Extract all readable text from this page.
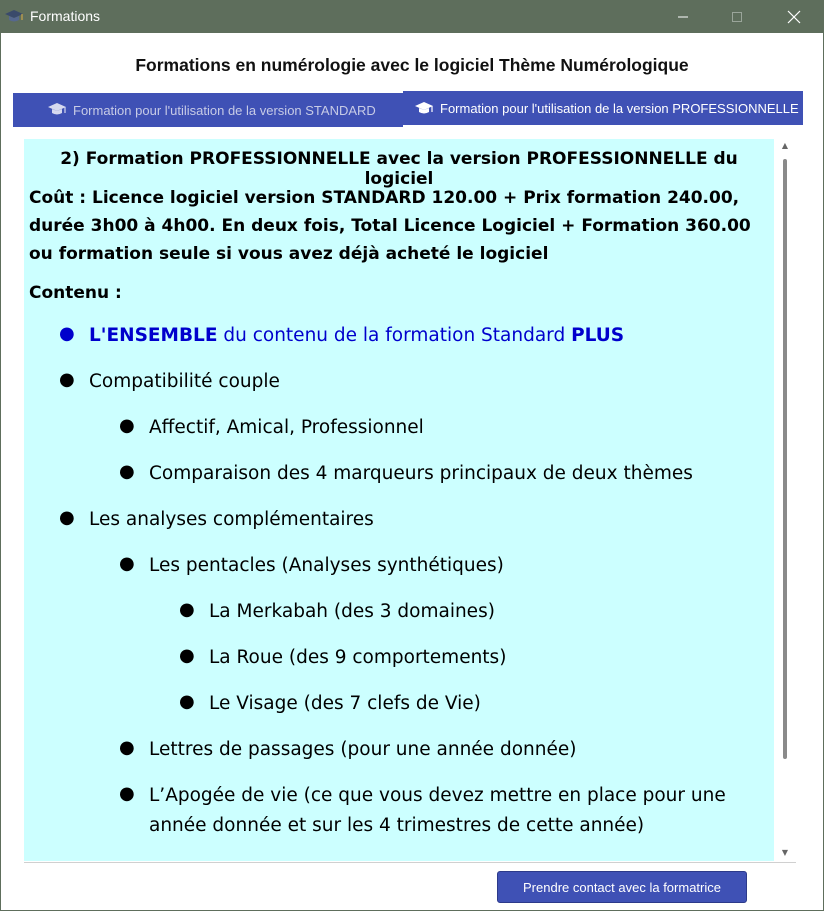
Formations
Formations en numérologie avec le logiciel Thème Numérologique
Formation pour l'utilisation de la version STANDARD	Formation pour l'utilisation de la version PROFESSIONNELLE
2) Formation PROFESSIONNELLE avec la version PROFESSIONNELLE du logiciel
Coût : Licence logiciel version STANDARD 120.00 + Prix formation 240.00, durée 3h00 à 4h00. En deux fois, Total Licence Logiciel + Formation 360.00 ou formation seule si vous avez déjà acheté le logiciel
Contenu :
● L'ENSEMBLE du contenu de la formation Standard PLUS
● Compatibilité couple
● Affectif, Amical, Professionnel
● Comparaison des 4 marqueurs principaux de deux thèmes
● Les analyses complémentaires
● Les pentacles (Analyses synthétiques)
● La Merkabah (des 3 domaines)
● La Roue (des 9 comportements)
● Le Visage (des 7 clefs de Vie)
● Lettres de passages (pour une année donnée)
● L’Apogée de vie (ce que vous devez mettre en place pour une
année donnée et sur les 4 trimestres de cette année)
▲
▼
Prendre contact avec la formatrice
